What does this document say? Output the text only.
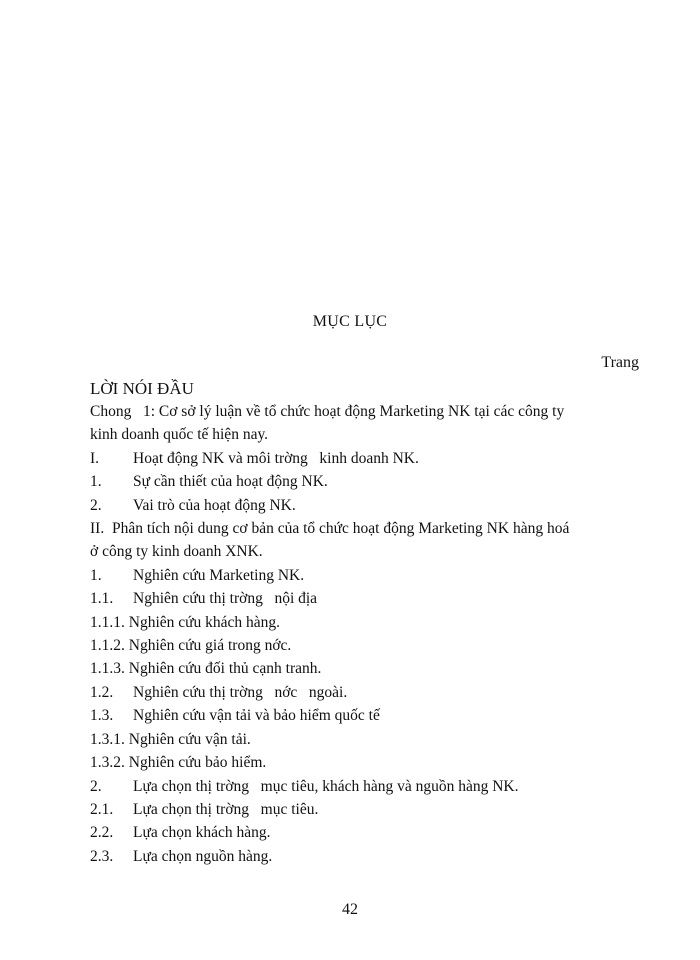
MỤC LỤC
Trang
LỜI NÓI ĐẦU
Chong   1: Cơ sở lý luận về tổ chức hoạt động Marketing NK tại các công ty
kinh doanh quốc tế hiện nay.
I. Hoạt động NK và môi trờng   kinh doanh NK.
1. Sự cần thiết của hoạt động NK.
2. Vai trò của hoạt động NK.
II.  Phân tích nội dung cơ bản của tổ chức hoạt động Marketing NK hàng hoá
ở công ty kinh doanh XNK.
1. Nghiên cứu Marketing NK.
1.1. Nghiên cứu thị trờng   nội địa
1.1.1. Nghiên cứu khách hàng.
1.1.2. Nghiên cứu giá trong nớc.
1.1.3. Nghiên cứu đối thủ cạnh tranh.
1.2. Nghiên cứu thị trờng   nớc   ngoài.
1.3. Nghiên cứu vận tải và bảo hiểm quốc tế
1.3.1. Nghiên cứu vận tải.
1.3.2. Nghiên cứu bảo hiểm.
2. Lựa chọn thị trờng   mục tiêu, khách hàng và nguồn hàng NK.
2.1. Lựa chọn thị trờng   mục tiêu.
2.2. Lựa chọn khách hàng.
2.3. Lựa chọn nguồn hàng.
42
